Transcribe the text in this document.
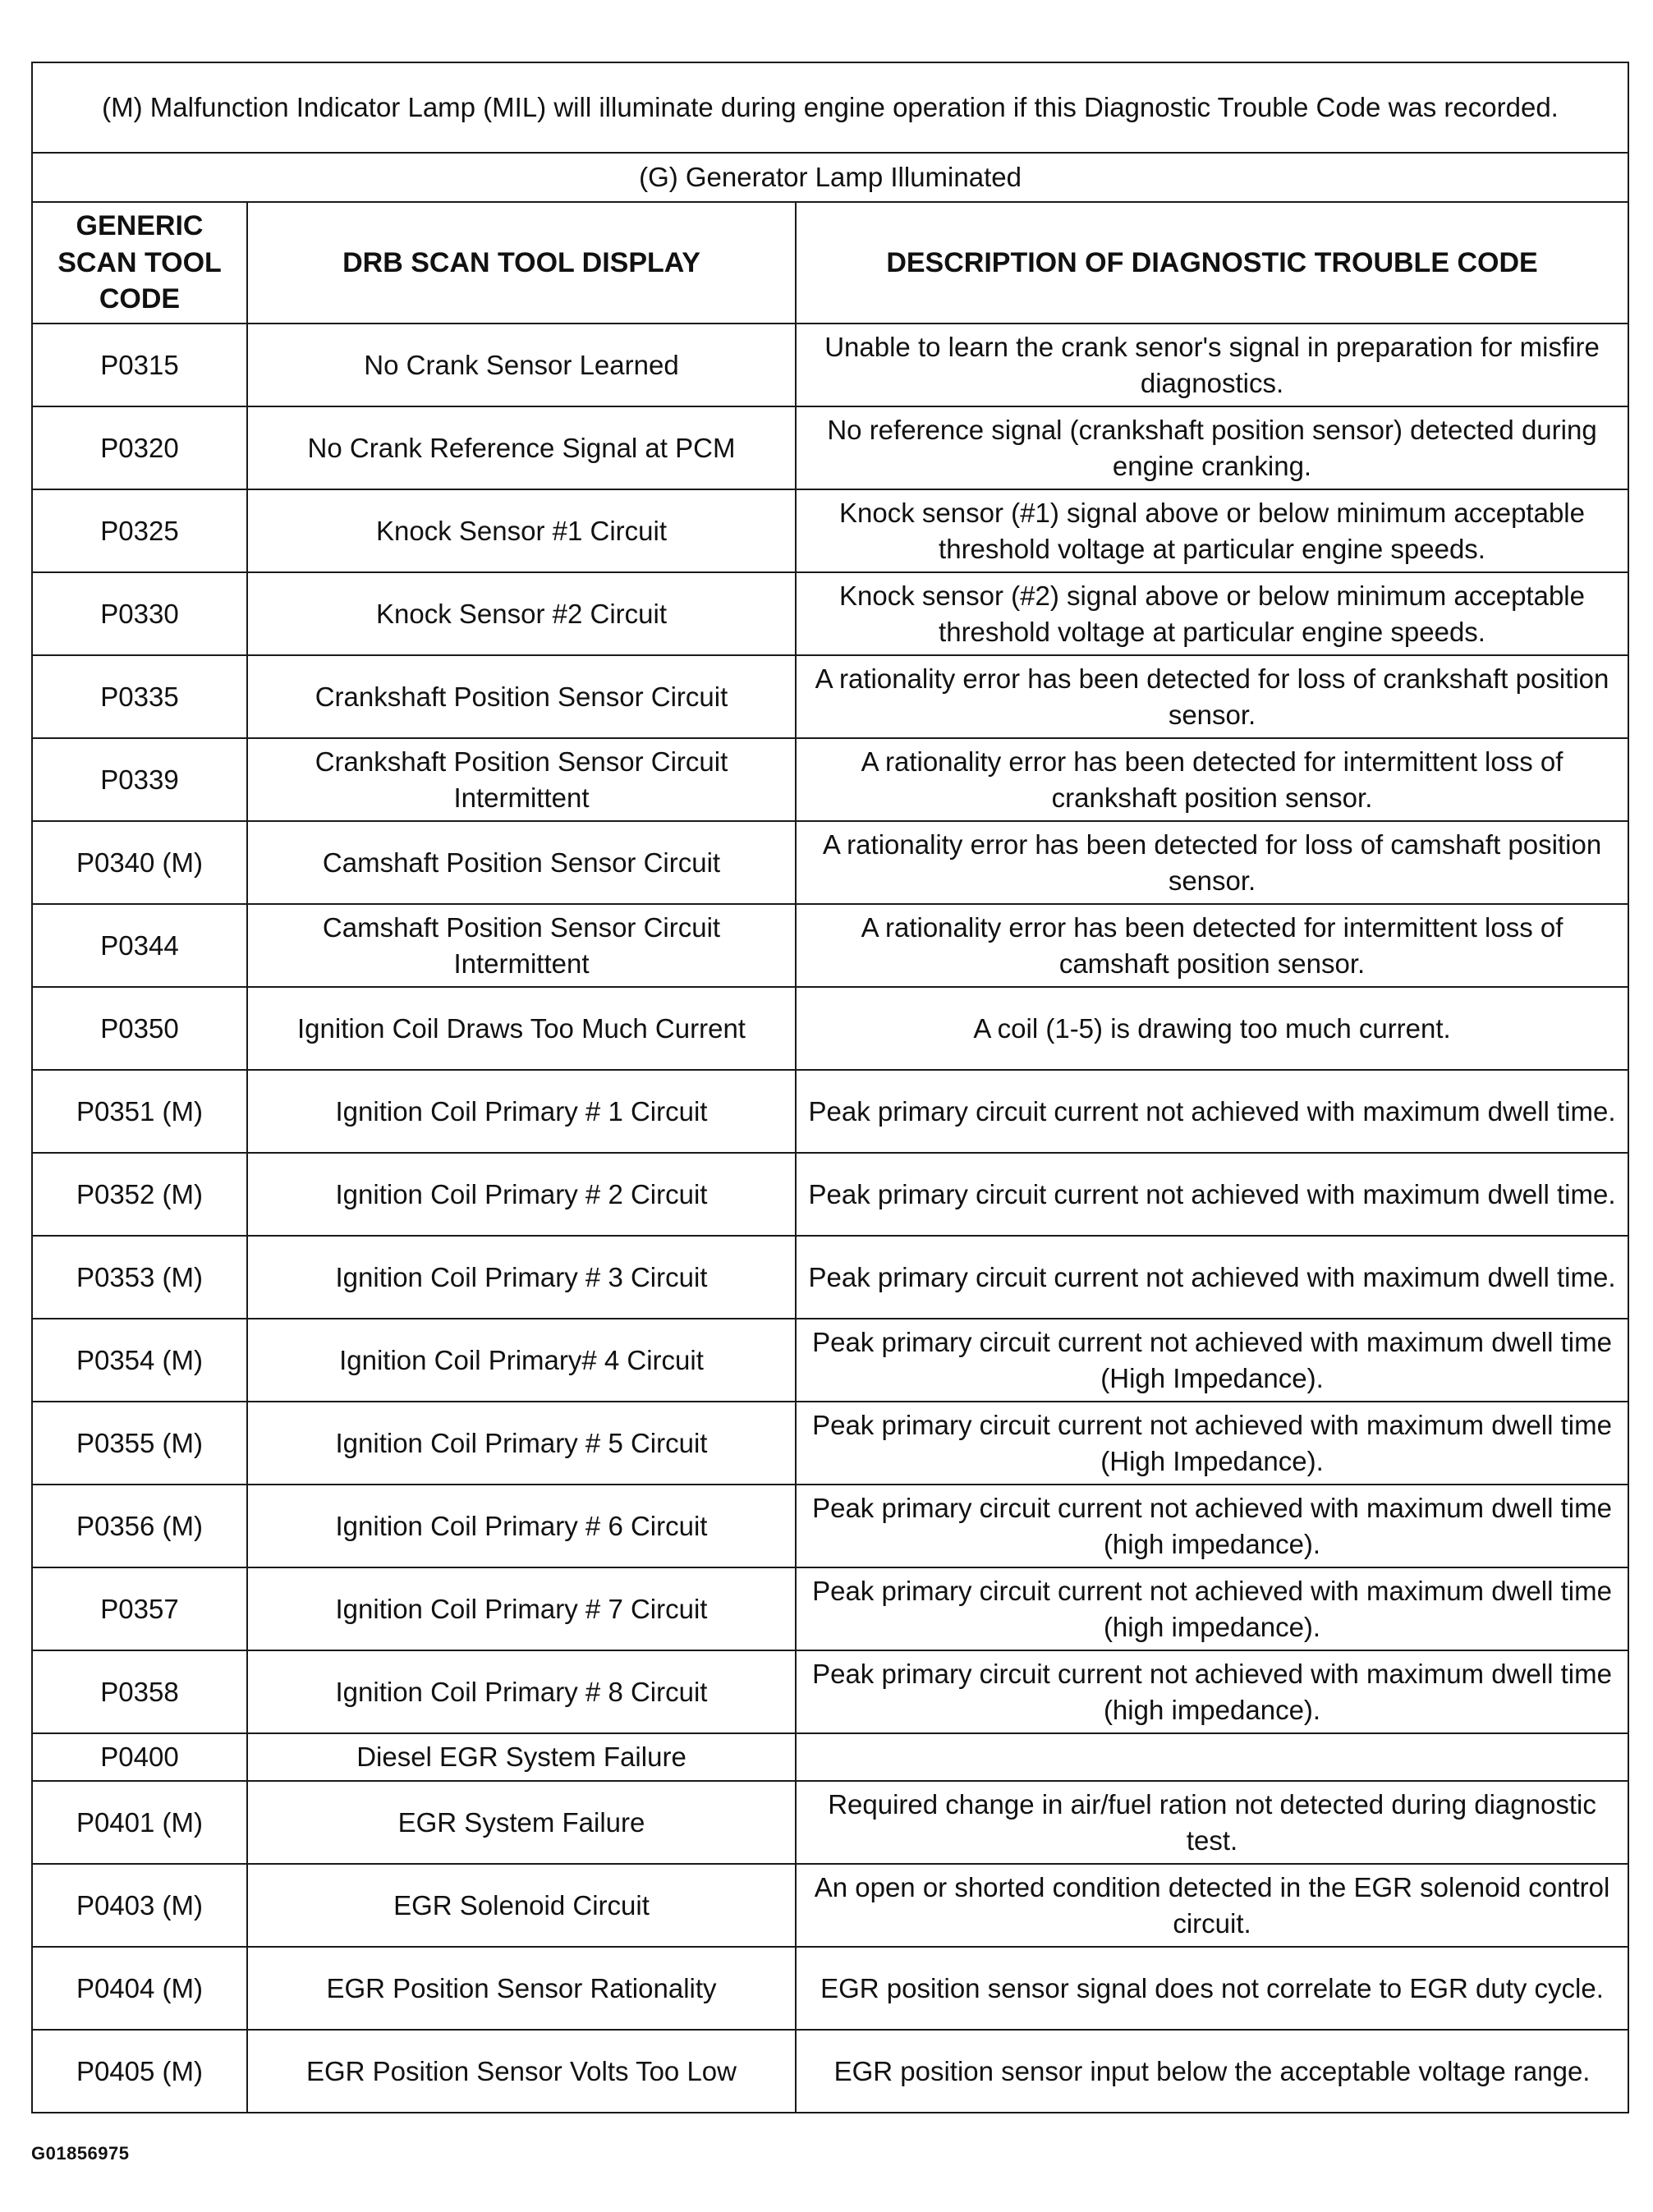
(M) Malfunction Indicator Lamp (MIL) will illuminate during engine operation if this Diagnostic Trouble Code was recorded.		
(G) Generator Lamp Illuminated		
GENERIC SCAN TOOL CODE	DRB SCAN TOOL DISPLAY	DESCRIPTION OF DIAGNOSTIC TROUBLE CODE
P0315	No Crank Sensor Learned	Unable to learn the crank senor's signal in preparation for misfire diagnostics.
P0320	No Crank Reference Signal at PCM	No reference signal (crankshaft position sensor) detected during engine cranking.
P0325	Knock Sensor #1 Circuit	Knock sensor (#1) signal above or below minimum acceptable threshold voltage at particular engine speeds.
P0330	Knock Sensor #2 Circuit	Knock sensor (#2) signal above or below minimum acceptable threshold voltage at particular engine speeds.
P0335	Crankshaft Position Sensor Circuit	A rationality error has been detected for loss of crankshaft position sensor.
P0339	Crankshaft Position Sensor Circuit Intermittent	A rationality error has been detected for intermittent loss of crankshaft position sensor.
P0340 (M)	Camshaft Position Sensor Circuit	A rationality error has been detected for loss of camshaft position sensor.
P0344	Camshaft Position Sensor Circuit Intermittent	A rationality error has been detected for intermittent loss of camshaft position sensor.
P0350	Ignition Coil Draws Too Much Current	A coil (1-5) is drawing too much current.
P0351 (M)	Ignition Coil Primary # 1 Circuit	Peak primary circuit current not achieved with maximum dwell time.
P0352 (M)	Ignition Coil Primary # 2 Circuit	Peak primary circuit current not achieved with maximum dwell time.
P0353 (M)	Ignition Coil Primary # 3 Circuit	Peak primary circuit current not achieved with maximum dwell time.
P0354 (M)	Ignition Coil Primary# 4 Circuit	Peak primary circuit current not achieved with maximum dwell time (High Impedance).
P0355 (M)	Ignition Coil Primary # 5 Circuit	Peak primary circuit current not achieved with maximum dwell time (High Impedance).
P0356 (M)	Ignition Coil Primary # 6 Circuit	Peak primary circuit current not achieved with maximum dwell time (high impedance).
P0357	Ignition Coil Primary # 7 Circuit	Peak primary circuit current not achieved with maximum dwell time (high impedance).
P0358	Ignition Coil Primary # 8 Circuit	Peak primary circuit current not achieved with maximum dwell time (high impedance).
P0400	Diesel EGR System Failure	
P0401 (M)	EGR System Failure	Required change in air/fuel ration not detected during diagnostic test.
P0403 (M)	EGR Solenoid Circuit	An open or shorted condition detected in the EGR solenoid control circuit.
P0404 (M)	EGR Position Sensor Rationality	EGR position sensor signal does not correlate to EGR duty cycle.
P0405 (M)	EGR Position Sensor Volts Too Low	EGR position sensor input below the acceptable voltage range.
G01856975
